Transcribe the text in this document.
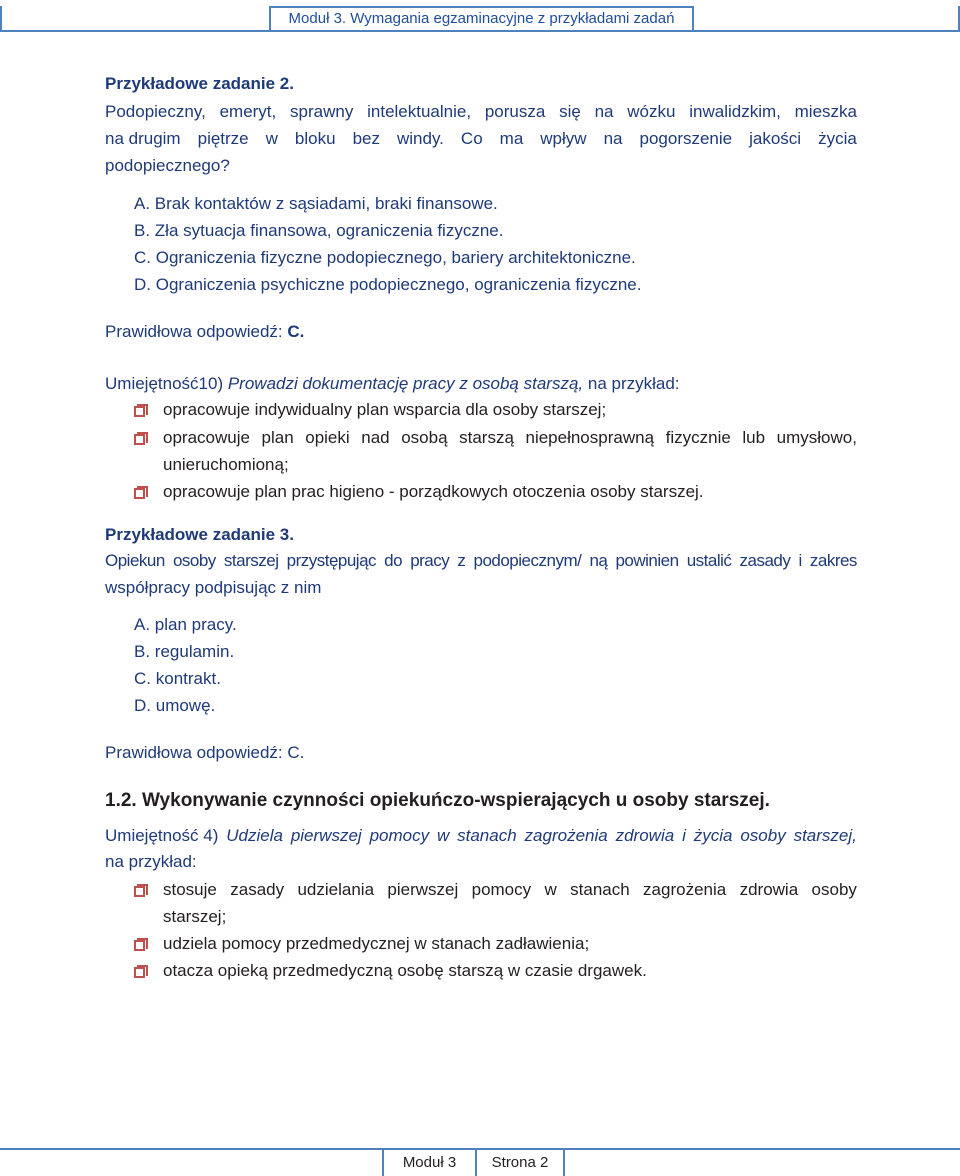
Moduł 3. Wymagania egzaminacyjne z przykładami zadań
Przykładowe zadanie 2.
Podopieczny, emeryt, sprawny intelektualnie, porusza się na wózku inwalidzkim, mieszka
na drugim piętrze w bloku bez windy. Co ma wpływ na pogorszenie jakości życia
podopiecznego?
A. Brak kontaktów z sąsiadami, braki finansowe.
B. Zła sytuacja finansowa, ograniczenia fizyczne.
C. Ograniczenia fizyczne podopiecznego, bariery architektoniczne.
D. Ograniczenia psychiczne podopiecznego, ograniczenia fizyczne.
Prawidłowa odpowiedź: C.
Umiejętność10) Prowadzi dokumentację pracy z osobą starszą, na przykład:
opracowuje indywidualny plan wsparcia dla osoby starszej;
opracowuje plan opieki nad osobą starszą niepełnosprawną fizycznie lub umysłowo,
unieruchomioną;
opracowuje plan prac higieno - porządkowych otoczenia osoby starszej.
Przykładowe zadanie 3.
Opiekun osoby starszej przystępując do pracy z podopiecznym/ ną powinien ustalić zasady i zakres
współpracy podpisując z nim
A. plan pracy.
B. regulamin.
C. kontrakt.
D. umowę.
Prawidłowa odpowiedź: C.
1.2. Wykonywanie czynności opiekuńczo-wspierających u osoby starszej.
Umiejętność 4) Udziela pierwszej pomocy w stanach zagrożenia zdrowia i życia osoby starszej,
na przykład:
stosuje zasady udzielania pierwszej pomocy w stanach zagrożenia zdrowia osoby
starszej;
udziela pomocy przedmedycznej w stanach zadławienia;
otacza opieką przedmedyczną osobę starszą w czasie drgawek.
Moduł 3	Strona 2
